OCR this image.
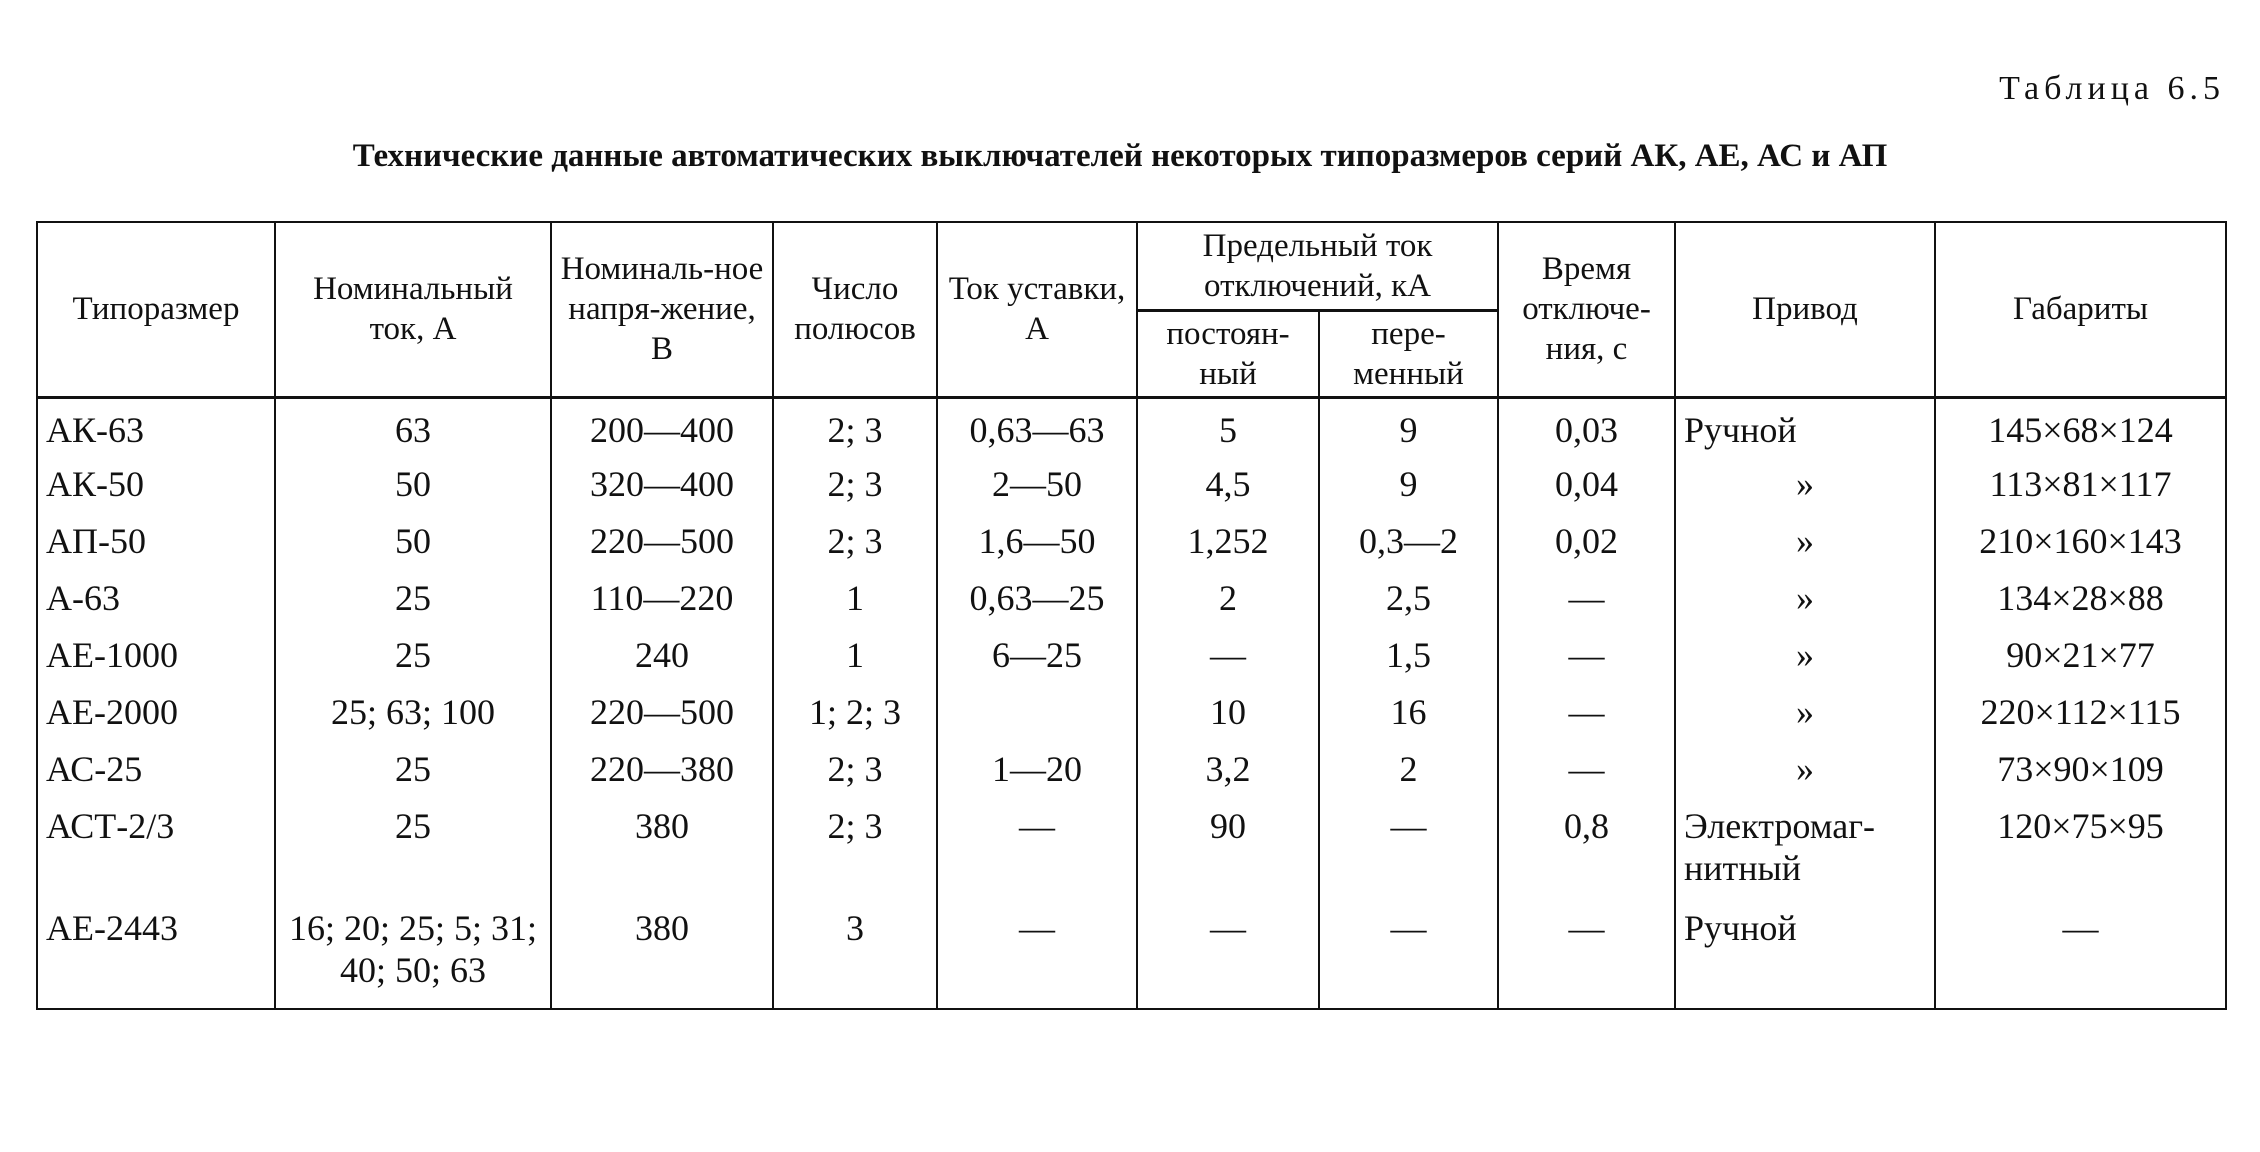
Таблица 6.5
Технические данные автоматических выключателей некоторых типоразмеров серий АК, АЕ, АС и АП
Типоразмер	Номинальный ток, А	Номиналь-ное напря-жение, В	Число полюсов	Ток уставки, А	Предельный ток отключений, кА		Время отключе-ния, с	Привод	Габариты
					постоян-ный	пере-менный			
АК-63	63	200—400	2; 3	0,63—63	5	9	0,03	Ручной	145×68×124
АК-50	50	320—400	2; 3	2—50	4,5	9	0,04	»	113×81×117
АП-50	50	220—500	2; 3	1,6—50	1,252	0,3—2	0,02	»	210×160×143
А-63	25	110—220	1	0,63—25	2	2,5	—	»	134×28×88
АЕ-1000	25	240	1	6—25	—	1,5	—	»	90×21×77
АЕ-2000	25; 63; 100	220—500	1; 2; 3		10	16	—	»	220×112×115
АС-25	25	220—380	2; 3	1—20	3,2	2	—	»	73×90×109
АСТ-2/3	25	380	2; 3	—	90	—	0,8	Электромаг-нитный	120×75×95
АЕ-2443	16; 20; 25; 5; 31; 40; 50; 63	380	3	—	—	—	—	Ручной	—
